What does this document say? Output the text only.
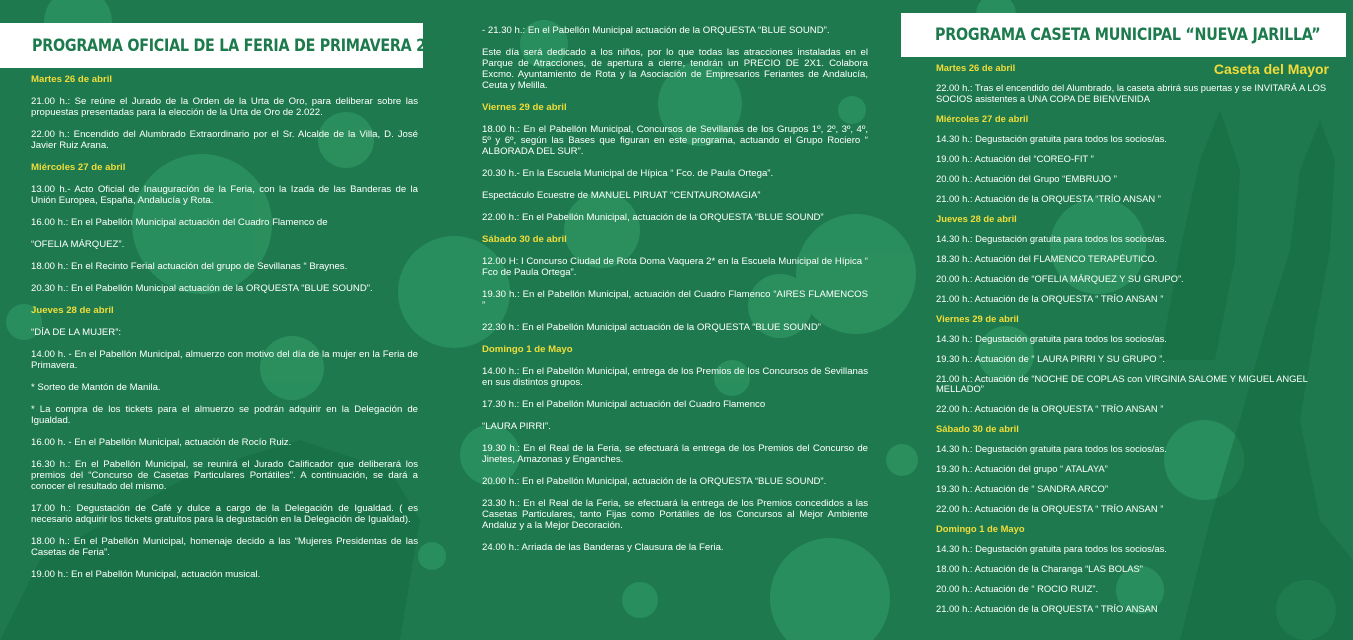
PROGRAMA OFICIAL DE LA FERIA DE PRIMAVERA 2022
PROGRAMA CASETA MUNICIPAL “NUEVA JARILLA”
Caseta del Mayor

Martes 26 de abril

21.00 h.: Se reúne el Jurado de la Orden de la Urta de Oro, para deliberar sobre las propuestas presentadas para la elección de la Urta de Oro de 2.022.

22.00 h.: Encendido del Alumbrado Extraordinario por el Sr. Alcalde de la Villa, D. José Javier Ruiz Arana.

Miércoles 27 de abril

13.00 h.- Acto Oficial de Inauguración de la Feria, con la Izada de las Banderas de la Unión Europea, España, Andalucía y Rota.

16.00 h.: En el Pabellón Municipal actuación del Cuadro Flamenco de

“OFELIA MÁRQUEZ”.

18.00 h.: En el Recinto Ferial actuación del grupo de Sevillanas “ Braynes.

20.30 h.: En el Pabellón Municipal actuación de la ORQUESTA “BLUE SOUND”.

Jueves 28 de abril

“DÍA DE LA MUJER”:

14.00 h. - En el Pabellón Municipal, almuerzo con motivo del día de la mujer en la Feria de Primavera.

* Sorteo de Mantón de Manila.

* La compra de los tickets para el almuerzo se podrán adquirir en la Delegación de Igualdad.

16.00 h. - En el Pabellón Municipal, actuación de Rocío Ruiz.

16.30 h.: En el Pabellón Municipal, se reunirá el Jurado Calificador que deliberará los premios del “Concurso de Casetas Particulares Portátiles”. A continuación, se dará a conocer el resultado del mismo.

17.00 h.: Degustación de Café y dulce a cargo de la Delegación de Igualdad. ( es necesario adquirir los tickets gratuitos para la degustación en la Delegación de Igualdad).

18.00 h.: En el Pabellón Municipal, homenaje decido a las “Mujeres Presidentas de las Casetas de Feria”.

19.00 h.: En el Pabellón Municipal, actuación musical.

- 21.30 h.: En el Pabellón Municipal actuación de la ORQUESTA “BLUE SOUND”.

Este día será dedicado a los niños, por lo que todas las atracciones instaladas en el Parque de Atracciones, de apertura a cierre, tendrán un PRECIO DE 2X1. Colabora Excmo. Ayuntamiento de Rota y la Asociación de Empresarios Feriantes de Andalucía, Ceuta y Melilla.

Viernes 29 de abril

18.00 h.: En el Pabellón Municipal, Concursos de Sevillanas de los Grupos 1º, 2º, 3º, 4º, 5º y 6º, según las Bases que figuran en este programa, actuando el Grupo Rociero “ ALBORADA DEL SUR”.

20.30 h.- En la Escuela Municipal de Hípica “ Fco. de Paula Ortega”.

Espectáculo Ecuestre de MANUEL PIRUAT “CENTAUROMAGIA”

22.00 h.: En el Pabellón Municipal, actuación de la ORQUESTA “BLUE SOUND”

Sábado 30 de abril

12.00 H: I Concurso Ciudad de Rota Doma Vaquera 2* en la Escuela Municipal de Hípica “ Fco de Paula Ortega”.

19.30 h.: En el Pabellón Municipal, actuación del Cuadro Flamenco “AIRES FLAMENCOS ”

22.30 h.: En el Pabellón Municipal actuación de la ORQUESTA “BLUE SOUND”

Domingo 1 de Mayo

14.00 h.: En el Pabellón Municipal, entrega de los Premios de los Concursos de Sevillanas en sus distintos grupos.

17.30 h.: En el Pabellón Municipal actuación del Cuadro Flamenco

“LAURA PIRRI”.

19.30 h.: En el Real de la Feria, se efectuará la entrega de los Premios del Concurso de Jinetes, Amazonas y Enganches.

20.00 h.: En el Pabellón Municipal, actuación de la ORQUESTA “BLUE SOUND”.

23.30 h.: En el Real de la Feria, se efectuará la entrega de los Premios concedidos a las Casetas Particulares, tanto Fijas como Portátiles de los Concursos al Mejor Ambiente Andaluz y a la Mejor Decoración.

24.00 h.: Arriada de las Banderas y Clausura de la Feria.

Martes 26 de abril

22.00 h.: Tras el encendido del Alumbrado, la caseta abrirá sus puertas y se INVITARÁ A LOS SOCIOS asistentes a UNA COPA DE BIENVENIDA

Miércoles 27 de abril

14.30 h.: Degustación gratuita para todos los socios/as.

19.00 h.: Actuación del “COREO-FIT ”

20.00 h.: Actuación del Grupo “EMBRUJO ”

21.00 h.: Actuación de la ORQUESTA “TRÍO ANSAN ”

Jueves 28 de abril

14.30 h.: Degustación gratuita para todos los socios/as.

18.30 h.: Actuación del FLAMENCO TERAPÉUTICO.

20.00 h.: Actuación de “OFELIA MÁRQUEZ Y SU GRUPO”.

21.00 h.: Actuación de la ORQUESTA “ TRÍO ANSAN ”

Viernes 29 de abril

14.30 h.: Degustación gratuita para todos los socios/as.

19.30 h.: Actuación de “ LAURA PIRRI Y SU GRUPO ”.

21.00 h.: Actuación de “NOCHE DE COPLAS con VIRGINIA SALOME Y MIGUEL ANGEL MELLADO”

22.00 h.: Actuación de la ORQUESTA “ TRÍO ANSAN ”

Sábado 30 de abril

14.30 h.: Degustación gratuita para todos los socios/as.

19.30 h.: Actuación del grupo “ ATALAYA”

19.30 h.: Actuación de “ SANDRA ARCO”

22.00 h.: Actuación de la ORQUESTA “ TRÍO ANSAN ”

Domingo 1 de Mayo

14.30 h.: Degustación gratuita para todos los socios/as.

18.00 h.: Actuación de la Charanga “LAS BOLAS”

20.00 h.: Actuación de “ ROCIO RUIZ”.

21.00 h.: Actuación de la ORQUESTA “ TRÍO ANSAN
